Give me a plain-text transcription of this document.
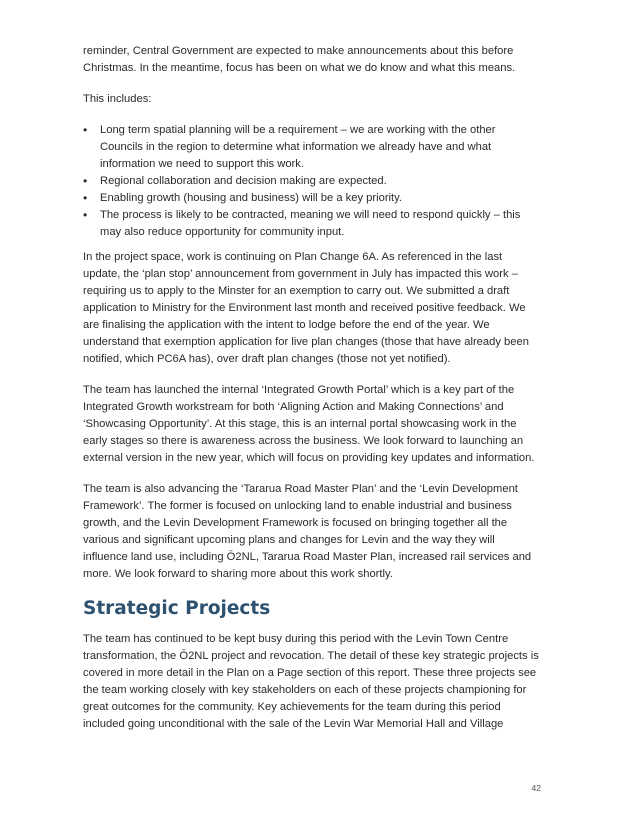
reminder, Central Government are expected to make announcements about this before Christmas. In the meantime, focus has been on what we do know and what this means.

This includes:

• Long term spatial planning will be a requirement – we are working with the other Councils in the region to determine what information we already have and what information we need to support this work.
• Regional collaboration and decision making are expected.
• Enabling growth (housing and business) will be a key priority.
• The process is likely to be contracted, meaning we will need to respond quickly – this may also reduce opportunity for community input.

In the project space, work is continuing on Plan Change 6A. As referenced in the last update, the ‘plan stop’ announcement from government in July has impacted this work – requiring us to apply to the Minster for an exemption to carry out. We submitted a draft application to Ministry for the Environment last month and received positive feedback. We are finalising the application with the intent to lodge before the end of the year. We understand that exemption application for live plan changes (those that have already been notified, which PC6A has), over draft plan changes (those not yet notified).

The team has launched the internal ‘Integrated Growth Portal’ which is a key part of the Integrated Growth workstream for both ‘Aligning Action and Making Connections’ and ‘Showcasing Opportunity’. At this stage, this is an internal portal showcasing work in the early stages so there is awareness across the business. We look forward to launching an external version in the new year, which will focus on providing key updates and information.

The team is also advancing the ‘Tararua Road Master Plan’ and the ‘Levin Development Framework’. The former is focused on unlocking land to enable industrial and business growth, and the Levin Development Framework is focused on bringing together all the various and significant upcoming plans and changes for Levin and the way they will influence land use, including Ō2NL, Tararua Road Master Plan, increased rail services and more. We look forward to sharing more about this work shortly.

Strategic Projects

The team has continued to be kept busy during this period with the Levin Town Centre transformation, the Ō2NL project and revocation. The detail of these key strategic projects is covered in more detail in the Plan on a Page section of this report. These three projects see the team working closely with key stakeholders on each of these projects championing for great outcomes for the community. Key achievements for the team during this period included going unconditional with the sale of the Levin War Memorial Hall and Village

42
